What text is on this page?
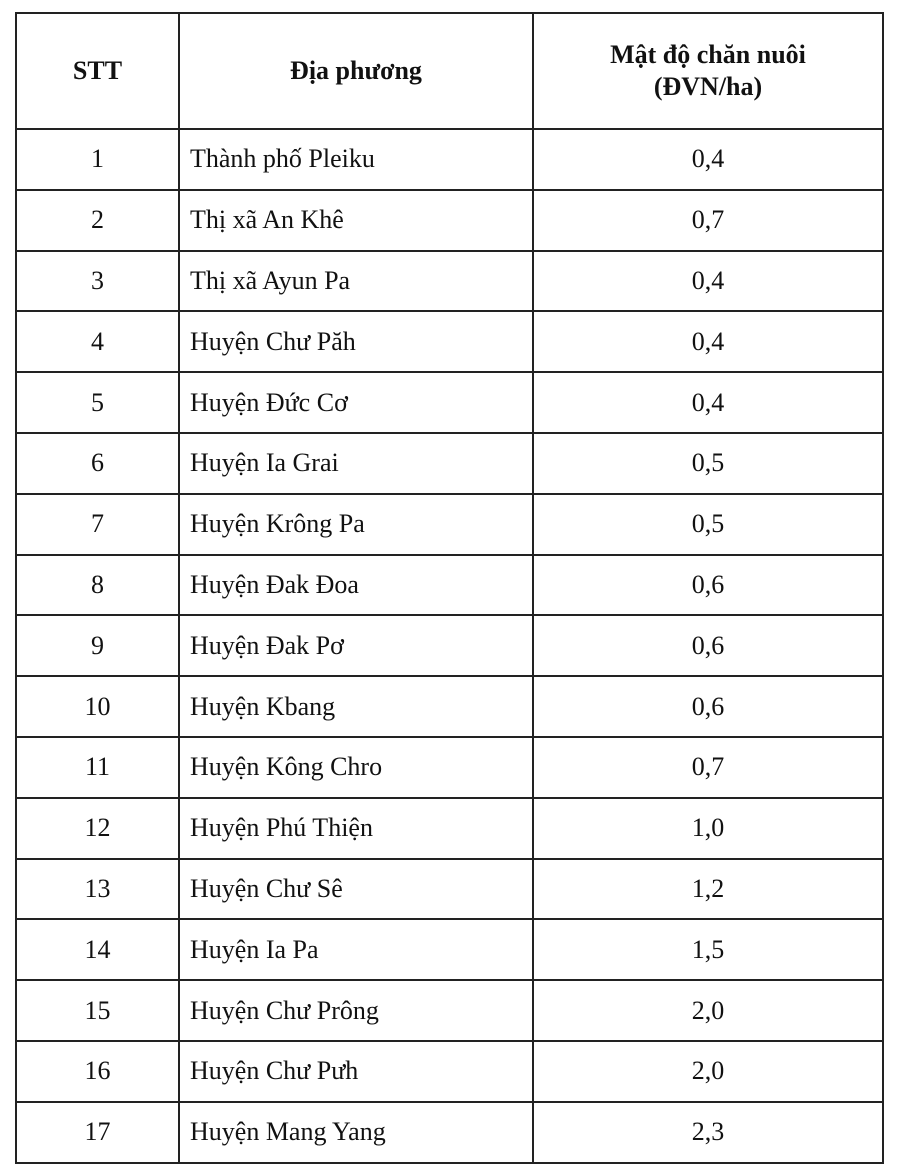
STT	Địa phương	Mật độ chăn nuôi
(ĐVN/ha)

1	Thành phố Pleiku	0,4
2	Thị xã An Khê	0,7
3	Thị xã Ayun Pa	0,4
4	Huyện Chư Păh	0,4
5	Huyện Đức Cơ	0,4
6	Huyện Ia Grai	0,5
7	Huyện Krông Pa	0,5
8	Huyện Đak Đoa	0,6
9	Huyện Đak Pơ	0,6
10	Huyện Kbang	0,6
11	Huyện Kông Chro	0,7
12	Huyện Phú Thiện	1,0
13	Huyện Chư Sê	1,2
14	Huyện Ia Pa	1,5
15	Huyện Chư Prông	2,0
16	Huyện Chư Pưh	2,0
17	Huyện Mang Yang	2,3
